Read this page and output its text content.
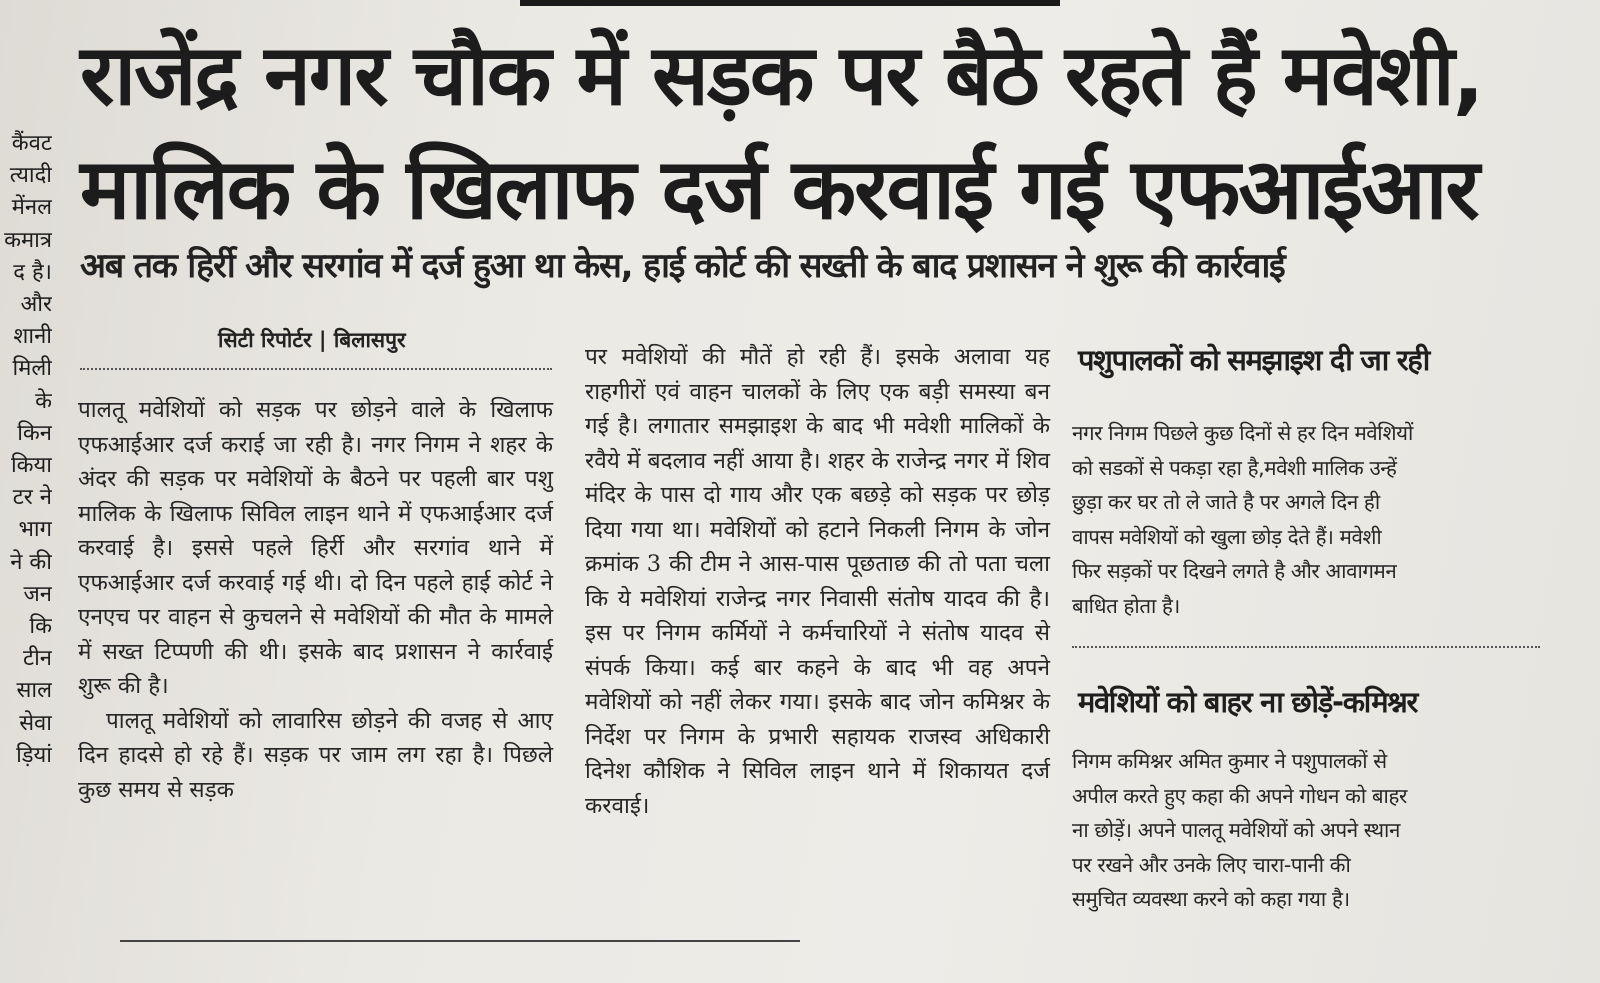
कैंवट
त्यादी
मेंनल
कमात्र
द है।
और
शानी
मिली
के
किन
किया
टर ने
भाग
ने की
जन
कि
टीन
साल
सेवा
ड़ियां
राजेंद्र नगर चौक में सड़क पर बैठे रहते हैं मवेशी,
मालिक के खिलाफ दर्ज करवाई गई एफआईआर
अब तक हिर्री और सरगांव में दर्ज हुआ था केस, हाई कोर्ट की सख्ती के बाद प्रशासन ने शुरू की कार्रवाई
सिटी रिपोर्टर | बिलासपुर

पालतू मवेशियों को सड़क पर छोड़ने वाले के खिलाफ एफआईआर दर्ज कराई जा रही है। नगर निगम ने शहर के अंदर की सड़क पर मवेशियों के बैठने पर पहली बार पशु मालिक के खिलाफ सिविल लाइन थाने में एफआईआर दर्ज करवाई है। इससे पहले हिर्री और सरगांव थाने में एफआईआर दर्ज करवाई गई थी। दो दिन पहले हाई कोर्ट ने एनएच पर वाहन से कुचलने से मवेशियों की मौत के मामले में सख्त टिप्पणी की थी। इसके बाद प्रशासन ने कार्रवाई शुरू की है।

पालतू मवेशियों को लावारिस छोड़ने की वजह से आए दिन हादसे हो रहे हैं। सड़क पर जाम लग रहा है। पिछले कुछ समय से सड़क

पर मवेशियों की मौतें हो रही हैं। इसके अलावा यह राहगीरों एवं वाहन चालकों के लिए एक बड़ी समस्या बन गई है। लगातार समझाइश के बाद भी मवेशी मालिकों के रवैये में बदलाव नहीं आया है। शहर के राजेन्द्र नगर में शिव मंदिर के पास दो गाय और एक बछड़े को सड़क पर छोड़ दिया गया था। मवेशियों को हटाने निकली निगम के जोन क्रमांक 3 की टीम ने आस-पास पूछताछ की तो पता चला कि ये मवेशियां राजेन्द्र नगर निवासी संतोष यादव की है। इस पर निगम कर्मियों ने कर्मचारियों ने संतोष यादव से संपर्क किया। कई बार कहने के बाद भी वह अपने मवेशियों को नहीं लेकर गया। इसके बाद जोन कमिश्नर के निर्देश पर निगम के प्रभारी सहायक राजस्व अधिकारी दिनेश कौशिक ने सिविल लाइन थाने में शिकायत दर्ज करवाई।

पशुपालकों को समझाइश दी जा रही
नगर निगम पिछले कुछ दिनों से हर दिन मवेशियों
को सडकों से पकड़ा रहा है,मवेशी मालिक उन्हें
छुड़ा कर घर तो ले जाते है पर अगले दिन ही
वापस मवेशियों को खुला छोड़ देते हैं। मवेशी
फिर सड़कों पर दिखने लगते है और आवागमन
बाधित होता है।
मवेशियों को बाहर ना छोड़ें-कमिश्नर
निगम कमिश्नर अमित कुमार ने पशुपालकों से
अपील करते हुए कहा की अपने गोधन को बाहर
ना छोड़ें। अपने पालतू मवेशियों को अपने स्थान
पर रखने और उनके लिए चारा-पानी की
समुचित व्यवस्था करने को कहा गया है।
